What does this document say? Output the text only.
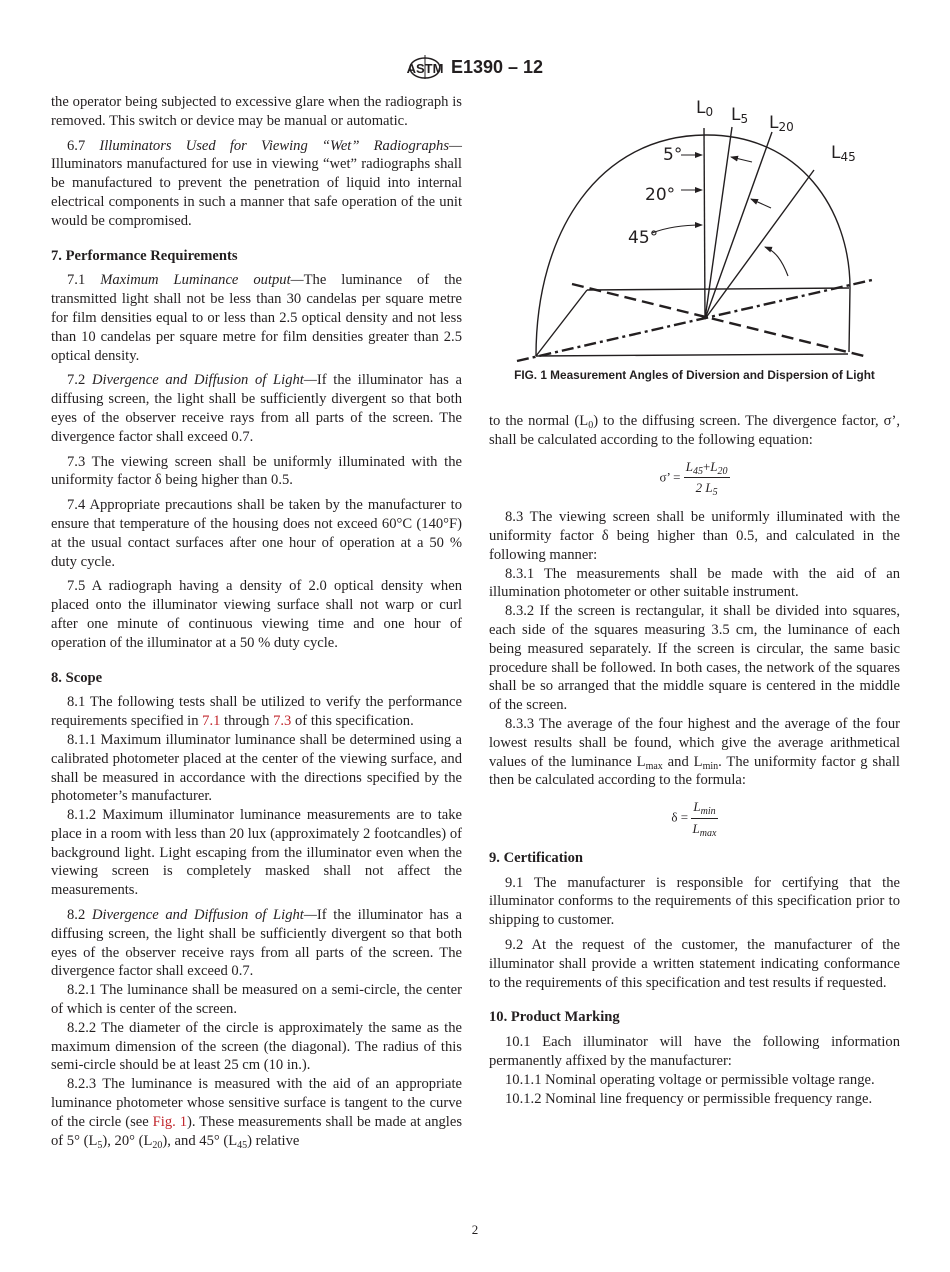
ASTM E1390 – 12

the operator being subjected to excessive glare when the radiograph is removed. This switch or device may be manual or automatic.

6.7 Illuminators Used for Viewing “Wet” Radiographs—Illuminators manufactured for use in viewing “wet” radiographs shall be manufactured to prevent the penetration of liquid into internal electrical components in such a manner that safe operation of the unit would be compromised.

7. Performance Requirements

7.1 Maximum Luminance output—The luminance of the transmitted light shall not be less than 30 candelas per square metre for film densities equal to or less than 2.5 optical density and not less than 10 candelas per square metre for film densities greater than 2.5 optical density.

7.2 Divergence and Diffusion of Light—If the illuminator has a diffusing screen, the light shall be sufficiently divergent so that both eyes of the observer receive rays from all parts of the screen. The divergence factor shall exceed 0.7.

7.3 The viewing screen shall be uniformly illuminated with the uniformity factor δ being higher than 0.5.

7.4 Appropriate precautions shall be taken by the manufacturer to ensure that temperature of the housing does not exceed 60°C (140°F) at the usual contact surfaces after one hour of operation at a 50 % duty cycle.

7.5 A radiograph having a density of 2.0 optical density when placed onto the illuminator viewing surface shall not warp or curl after one minute of continuous viewing time and one hour of operation of the illuminator at a 50 % duty cycle.

8. Scope

8.1 The following tests shall be utilized to verify the performance requirements specified in 7.1 through 7.3 of this specification.

8.1.1 Maximum illuminator luminance shall be determined using a calibrated photometer placed at the center of the viewing surface, and shall be measured in accordance with the directions specified by the photometer’s manufacturer.

8.1.2 Maximum illuminator luminance measurements are to take place in a room with less than 20 lux (approximately 2 footcandles) of background light. Light escaping from the illuminator even when the viewing screen is completely masked shall not affect the measurements.

8.2 Divergence and Diffusion of Light—If the illuminator has a diffusing screen, the light shall be sufficiently divergent so that both eyes of the observer receive rays from all parts of the screen. The divergence factor shall exceed 0.7.

8.2.1 The luminance shall be measured on a semi-circle, the center of which is center of the screen.

8.2.2 The diameter of the circle is approximately the same as the maximum dimension of the screen (the diagonal). The radius of this semi-circle should be at least 25 cm (10 in.).

8.2.3 The luminance is measured with the aid of an appropriate luminance photometer whose sensitive surface is tangent to the curve of the circle (see Fig. 1). These measurements shall be made at angles of 5° $(L_5)$, 20° $(L_{20})$, and 45° $(L_{45})$ relative

L0 L5 L20
L45
5°
20°
45°
FIG. 1 Measurement Angles of Diversion and Dispersion of Light

to the normal $(L_0)$ to the diffusing screen. The divergence factor, σ’, shall be calculated according to the following equation:

σ’ = $\frac{L_{45}+L_{20}}{2 L_5}$

8.3 The viewing screen shall be uniformly illuminated with the uniformity factor δ being higher than 0.5, and calculated in the following manner:

8.3.1 The measurements shall be made with the aid of an illumination photometer or other suitable instrument.

8.3.2 If the screen is rectangular, it shall be divided into squares, each side of the squares measuring 3.5 cm, the luminance of each being measured separately. If the screen is circular, the same basic procedure shall be followed. In both cases, the network of the squares shall be so arranged that the middle square is centered in the middle of the screen.

8.3.3 The average of the four highest and the average of the four lowest results shall be found, which give the average arithmetical values of the luminance $L_{max}$ and $L_{min}$. The uniformity factor g shall then be calculated according to the formula:

$\delta = \frac{L_{min}}{L_{max}}$
9. Certification

9.1 The manufacturer is responsible for certifying that the illuminator conforms to the requirements of this specification prior to shipping to customer.

9.2 At the request of the customer, the manufacturer of the illuminator shall provide a written statement indicating conformance to the requirements of this specification and test results if requested.

10. Product Marking

10.1 Each illuminator will have the following information permanently affixed by the manufacturer:

10.1.1 Nominal operating voltage or permissible voltage range.

10.1.2 Nominal line frequency or permissible frequency range.

2
